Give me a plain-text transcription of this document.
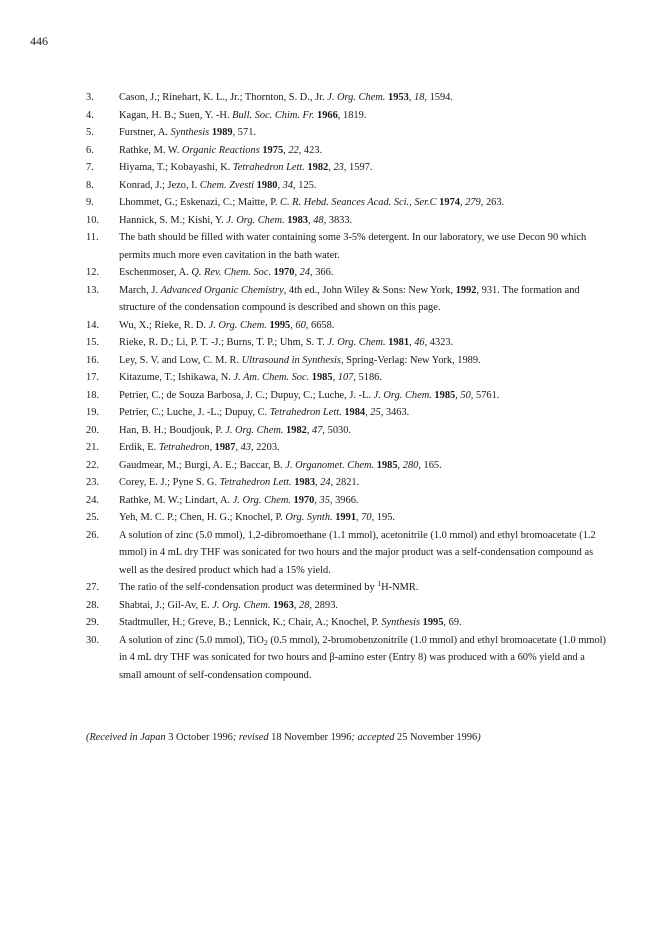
446
3. Cason, J.; Rinehart, K. L., Jr.; Thornton, S. D., Jr. J. Org. Chem. 1953, 18, 1594.
4. Kagan, H. B.; Suen, Y. -H. Bull. Soc. Chim. Fr. 1966, 1819.
5. Furstner, A. Synthesis 1989, 571.
6. Rathke, M. W. Organic Reactions 1975, 22, 423.
7. Hiyama, T.; Kobayashi, K. Tetrahedron Lett. 1982, 23, 1597.
8. Konrad, J.; Jezo, I. Chem. Zvesti 1980, 34, 125.
9. Lhommet, G.; Eskenazi, C.; Maitte, P. C. R. Hebd. Seances Acad. Sci., Ser.C 1974, 279, 263.
10. Hannick, S. M.; Kishi, Y. J. Org. Chem. 1983, 48, 3833.
11. The bath should be filled with water containing some 3-5% detergent. In our laboratory, we use Decon 90 which permits much more even cavitation in the bath water.
12. Eschenmoser, A. Q. Rev. Chem. Soc. 1970, 24, 366.
13. March, J. Advanced Organic Chemistry, 4th ed., John Wiley & Sons: New York, 1992, 931. The formation and structure of the condensation compound is described and shown on this page.
14. Wu, X.; Rieke, R. D. J. Org. Chem. 1995, 60, 6658.
15. Rieke, R. D.; Li, P. T. -J.; Burns, T. P.; Uhm, S. T. J. Org. Chem. 1981, 46, 4323.
16. Ley, S. V. and Low, C. M. R. Ultrasound in Synthesis, Spring-Verlag: New York, 1989.
17. Kitazume, T.; Ishikawa, N. J. Am. Chem. Soc. 1985, 107, 5186.
18. Petrier, C.; de Souza Barbosa, J. C.; Dupuy, C.; Luche, J. -L. J. Org. Chem. 1985, 50, 5761.
19. Petrier, C.; Luche, J. -L.; Dupuy, C. Tetrahedron Lett. 1984, 25, 3463.
20. Han, B. H.; Boudjouk, P. J. Org. Chem. 1982, 47, 5030.
21. Erdik, E. Tetrahedron, 1987, 43, 2203.
22. Gaudmear, M.; Burgi, A. E.; Baccar, B. J. Organomet. Chem. 1985, 280, 165.
23. Corey, E. J.; Pyne S. G. Tetrahedron Lett. 1983, 24, 2821.
24. Rathke, M. W.; Lindart, A. J. Org. Chem. 1970, 35, 3966.
25. Yeh, M. C. P.; Chen, H. G.; Knochel, P. Org. Synth. 1991, 70, 195.
26. A solution of zinc (5.0 mmol), 1,2-dibromoethane (1.1 mmol), acetonitrile (1.0 mmol) and ethyl bromoacetate (1.2 mmol) in 4 mL dry THF was sonicated for two hours and the major product was a self-condensation compound as well as the desired product which had a 15% yield.
27. The ratio of the self-condensation product was determined by $^1$H-NMR.
28. Shabtai, J.; Gil-Av, E. J. Org. Chem. 1963, 28, 2893.
29. Stadtmuller, H.; Greve, B.; Lennick, K.; Chair, A.; Knochel, P. Synthesis 1995, 69.
30. A solution of zinc (5.0 mmol), TiO$_2$ (0.5 mmol), 2-bromobenzonitrile (1.0 mmol) and ethyl bromoacetate (1.0 mmol) in 4 mL dry THF was sonicated for two hours and β-amino ester (Entry 8) was produced with a 60% yield and a small amount of self-condensation compound.
(Received in Japan 3 October 1996; revised 18 November 1996; accepted 25 November 1996)
